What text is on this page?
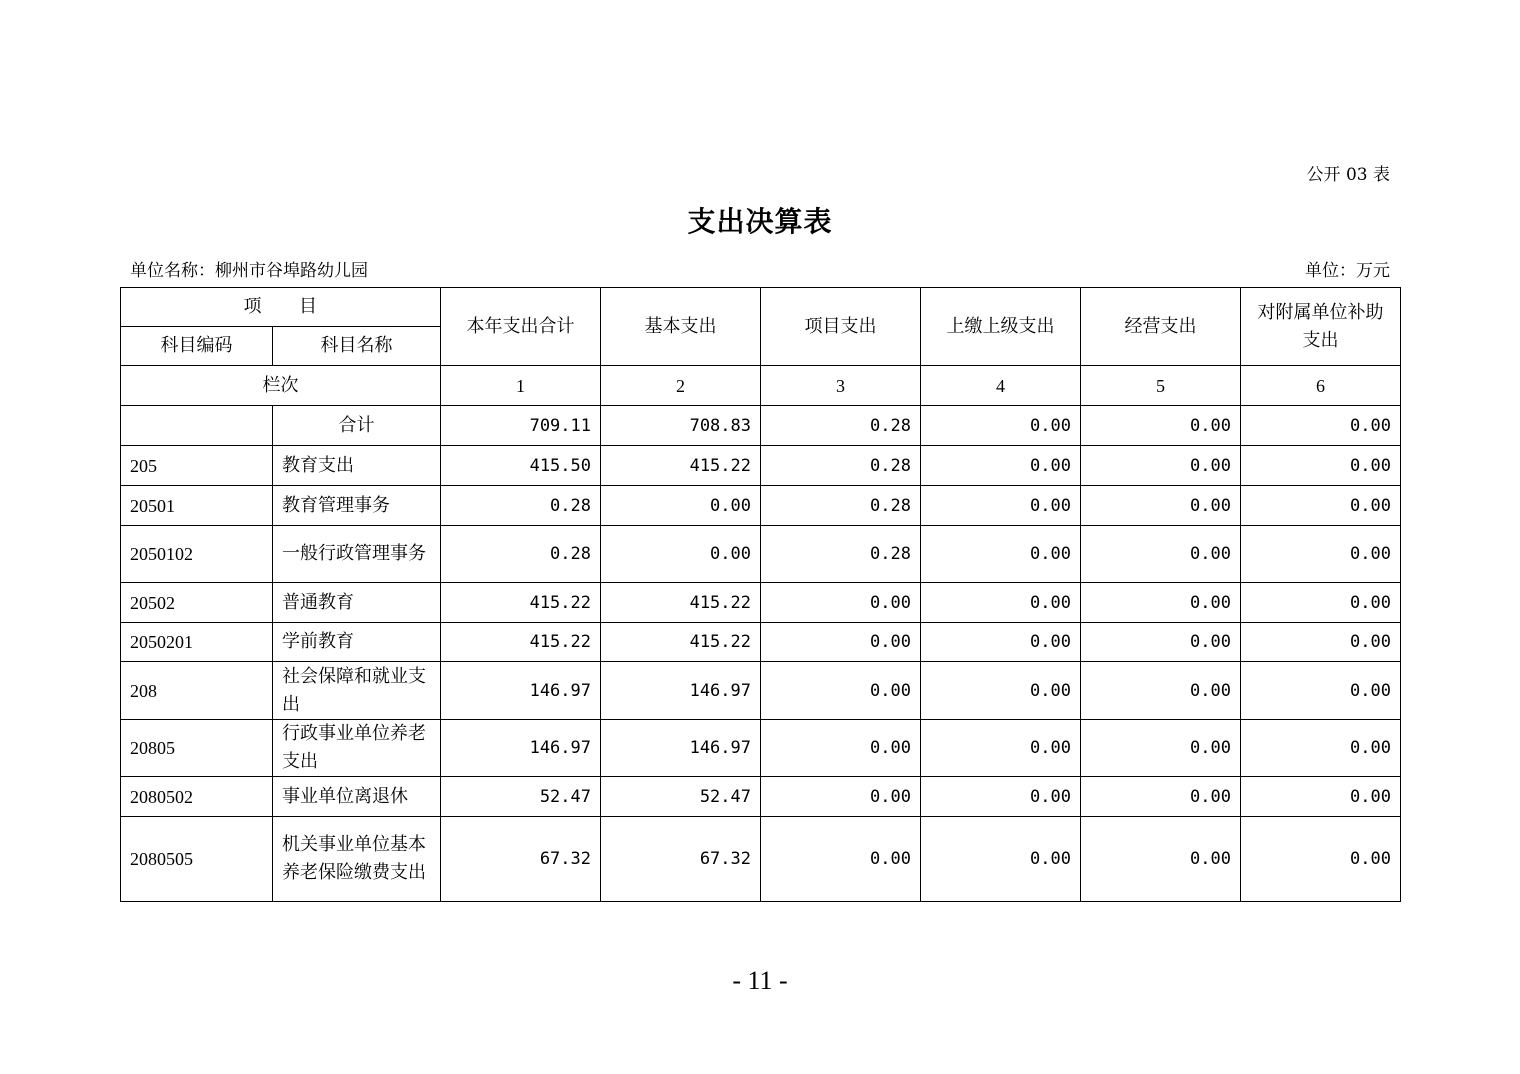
公开 03 表
支出决算表
单位名称：柳州市谷埠路幼儿园	单位：万元
项　　目		本年支出合计	基本支出	项目支出	上缴上级支出	经营支出	对附属单位补助支出
科目编码	科目名称						
栏次		1	2	3	4	5	6
	合计	709.11	708.83	0.28	0.00	0.00	0.00
205	教育支出	415.50	415.22	0.28	0.00	0.00	0.00
20501	教育管理事务	0.28	0.00	0.28	0.00	0.00	0.00
2050102	一般行政管理事务	0.28	0.00	0.28	0.00	0.00	0.00
20502	普通教育	415.22	415.22	0.00	0.00	0.00	0.00
2050201	学前教育	415.22	415.22	0.00	0.00	0.00	0.00
208	社会保障和就业支出	146.97	146.97	0.00	0.00	0.00	0.00
20805	行政事业单位养老支出	146.97	146.97	0.00	0.00	0.00	0.00
2080502	事业单位离退休	52.47	52.47	0.00	0.00	0.00	0.00
2080505	机关事业单位基本养老保险缴费支出	67.32	67.32	0.00	0.00	0.00	0.00
- 11 -
